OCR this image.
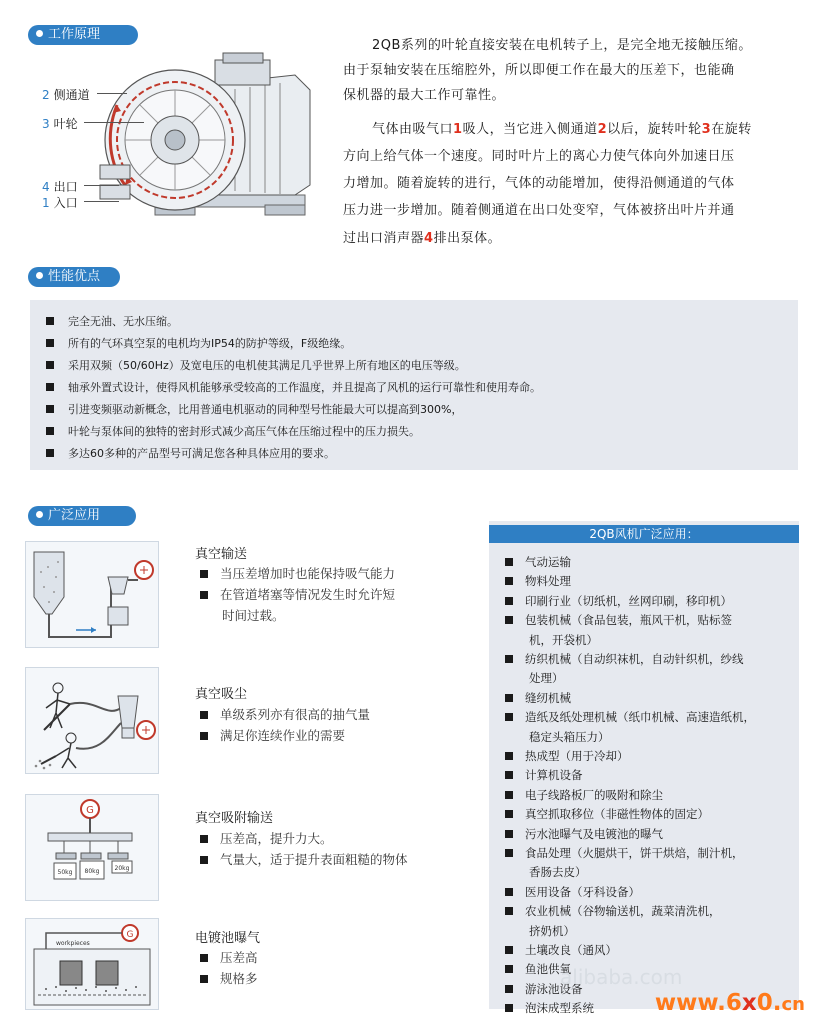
工作原理
2 侧通道
3 叶轮
4 出口
1 入口
2QB系列的叶轮直接安装在电机转子上，是完全地无接触压缩。
由于泵轴安装在压缩腔外，所以即便工作在最大的压差下，也能确
保机器的最大工作可靠性。
气体由吸气口1吸人，当它进入侧通道2以后，旋转叶轮3在旋转
方向上给气体一个速度。同时叶片上的离心力使气体向外加速日压
力增加。随着旋转的进行，气体的动能增加，使得沿侧通道的气体
压力进一步增加。随着侧通道在出口处变窄，气体被挤出叶片并通
过出口消声器4排出泵体。
性能优点
完全无油、无水压缩。
所有的气环真空泵的电机均为IP54的防护等级，F级绝缘。
采用双频（50/60Hz）及宽电压的电机使其满足几乎世界上所有地区的电压等级。
轴承外置式设计，使得风机能够承受较高的工作温度，并且提高了风机的运行可靠性和使用寿命。
引进变频驱动新概念，比用普通电机驱动的同种型号性能最大可以提高到300%，
叶轮与泵体间的独特的密封形式减少高压气体在压缩过程中的压力损失。
多达60多种的产品型号可满足您各种具体应用的要求。
广泛应用
真空输送
当压差增加时也能保持吸气能力
在管道堵塞等情况发生时允许短
时间过载。
真空吸尘
单级系列亦有很高的抽气量
满足你连续作业的需要
G
50kg 80kg	20kg
真空吸附输送
压差高，提升力大。
气量大，适于提升表面粗糙的物体
G
workpieces	电镀池曝气
压差高
规格多
2QB风机广泛应用：
气动运输
物料处理
印刷行业（切纸机，丝网印刷，移印机）
包装机械（食品包装，瓶风干机，贴标签
机，开袋机）
纺织机械（自动织袜机，自动针织机，纱线
处理）
缝纫机械
造纸及纸处理机械（纸巾机械、高速造纸机，
稳定头箱压力）
热成型（用于冷却）
计算机设备
电子线路板厂的吸附和除尘
真空抓取移位（非磁性物体的固定）
污水池曝气及电镀池的曝气
食品处理（火腿烘干，饼干烘焙，制汁机，
香肠去皮）
医用设备（牙科设备）
农业机械（谷物输送机，蔬菜清洗机，
挤奶机）
土壤改良（通风）
鱼池供氧
游泳池设备
泡沫成型系统
alibaba.com
www.6x0.cn
